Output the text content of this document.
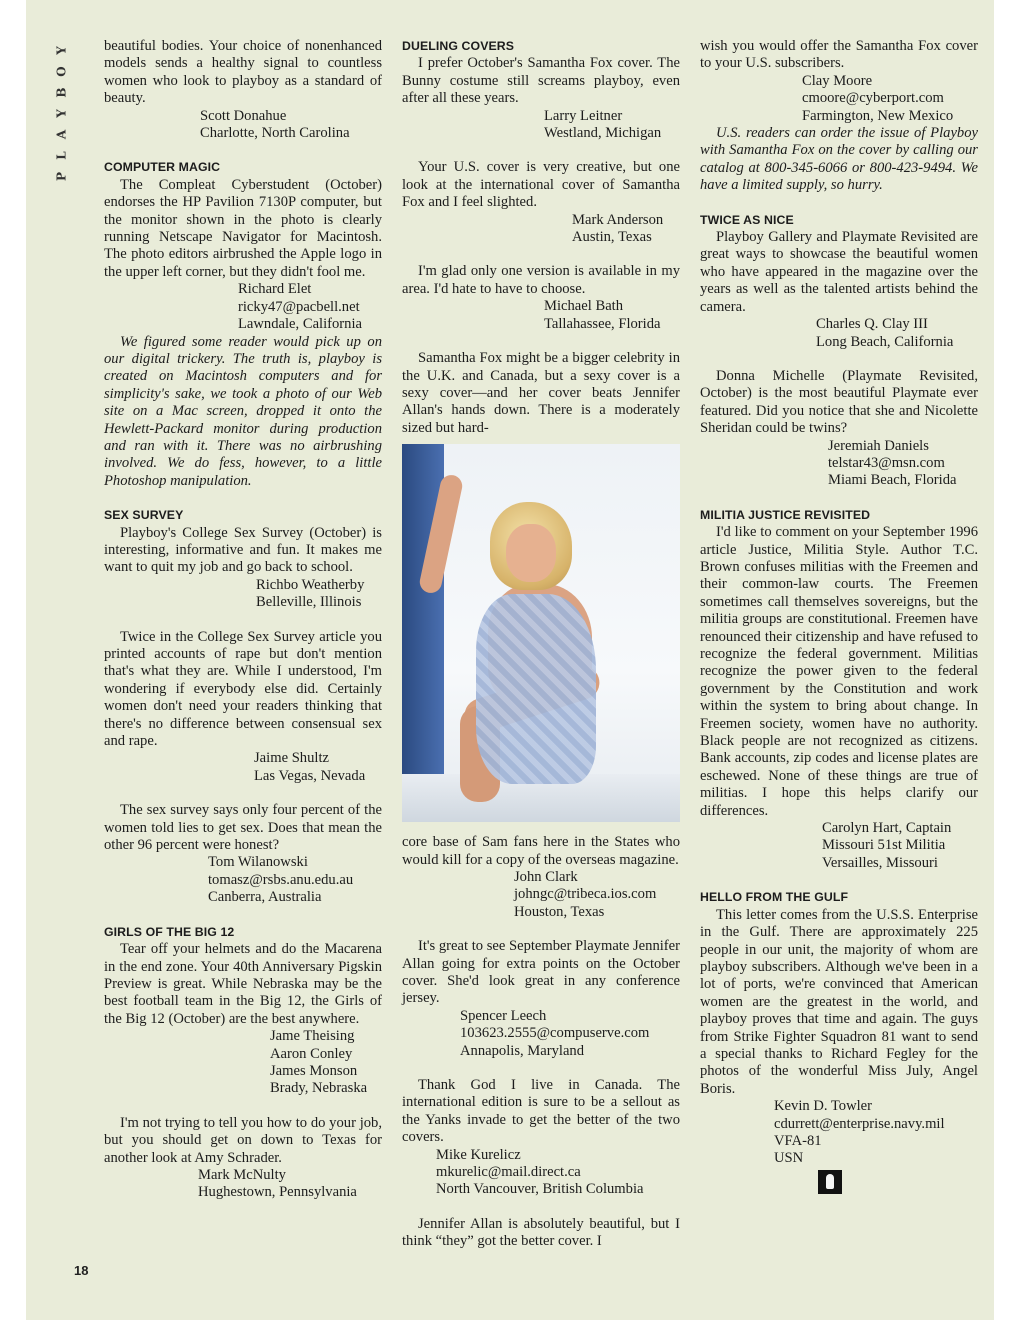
Y
O
B
Y
A
L
P
18

beautiful bodies. Your choice of nonenhanced models sends a healthy signal to countless women who look to playboy as a standard of beauty.

Scott Donahue
Charlotte, North Carolina
COMPUTER MAGIC

The Compleat Cyberstudent (October) endorses the HP Pavilion 7130P computer, but the monitor shown in the photo is clearly running Netscape Navigator for Macintosh. The photo editors airbrushed the Apple logo in the upper left corner, but they didn't fool me.

Richard Elet
ricky47@pacbell.net
Lawndale, California

We figured some reader would pick up on our digital trickery. The truth is, playboy is created on Macintosh computers and for simplicity's sake, we took a photo of our Web site on a Mac screen, dropped it onto the Hewlett-Packard monitor during production and ran with it. There was no airbrushing involved. We do fess, however, to a little Photoshop manipulation.

SEX SURVEY

Playboy's College Sex Survey (October) is interesting, informative and fun. It makes me want to quit my job and go back to school.

Richbo Weatherby
Belleville, Illinois

Twice in the College Sex Survey article you printed accounts of rape but don't mention that's what they are. While I understood, I'm wondering if everybody else did. Certainly women don't need your readers thinking that there's no difference between consensual sex and rape.

Jaime Shultz
Las Vegas, Nevada

The sex survey says only four percent of the women told lies to get sex. Does that mean the other 96 percent were honest?

Tom Wilanowski
tomasz@rsbs.anu.edu.au
Canberra, Australia
GIRLS OF THE BIG 12

Tear off your helmets and do the Macarena in the end zone. Your 40th Anniversary Pigskin Preview is great. While Nebraska may be the best football team in the Big 12, the Girls of the Big 12 (October) are the best anywhere.

Jame Theising
Aaron Conley
James Monson
Brady, Nebraska

I'm not trying to tell you how to do your job, but you should get on down to Texas for another look at Amy Schrader.

Mark McNulty
Hughestown, Pennsylvania
DUELING COVERS

I prefer October's Samantha Fox cover. The Bunny costume still screams playboy, even after all these years.

Larry Leitner
Westland, Michigan

Your U.S. cover is very creative, but one look at the international cover of Samantha Fox and I feel slighted.

Mark Anderson
Austin, Texas

I'm glad only one version is available in my area. I'd hate to have to choose.

Michael Bath
Tallahassee, Florida

Samantha Fox might be a bigger celebrity in the U.K. and Canada, but a sexy cover is a sexy cover—and her cover beats Jennifer Allan's hands down. There is a moderately sized but hard-

core base of Sam fans here in the States who would kill for a copy of the overseas magazine.

John Clark
johngc@tribeca.ios.com
Houston, Texas

It's great to see September Playmate Jennifer Allan going for extra points on the October cover. She'd look great in any conference jersey.

Spencer Leech
103623.2555@compuserve.com
Annapolis, Maryland

Thank God I live in Canada. The international edition is sure to be a sellout as the Yanks invade to get the better of the two covers.

Mike Kurelicz
mkurelic@mail.direct.ca
North Vancouver, British Columbia

Jennifer Allan is absolutely beautiful, but I think “they” got the better cover. I

wish you would offer the Samantha Fox cover to your U.S. subscribers.

Clay Moore
cmoore@cyberport.com
Farmington, New Mexico

U.S. readers can order the issue of Playboy with Samantha Fox on the cover by calling our catalog at 800-345-6066 or 800-423-9494. We have a limited supply, so hurry.

TWICE AS NICE

Playboy Gallery and Playmate Revisited are great ways to showcase the beautiful women who have appeared in the magazine over the years as well as the talented artists behind the camera.

Charles Q. Clay III
Long Beach, California

Donna Michelle (Playmate Revisited, October) is the most beautiful Playmate ever featured. Did you notice that she and Nicolette Sheridan could be twins?

Jeremiah Daniels
telstar43@msn.com
Miami Beach, Florida
MILITIA JUSTICE REVISITED

I'd like to comment on your September 1996 article Justice, Militia Style. Author T.C. Brown confuses militias with the Freemen and their common-law courts. The Freemen sometimes call themselves sovereigns, but the militia groups are constitutional. Freemen have renounced their citizenship and have refused to recognize the federal government. Militias recognize the power given to the federal government by the Constitution and work within the system to bring about change. In Freemen society, women have no authority. Black people are not recognized as citizens. Bank accounts, zip codes and license plates are eschewed. None of these things are true of militias. I hope this helps clarify our differences.

Carolyn Hart, Captain
Missouri 51st Militia
Versailles, Missouri
HELLO FROM THE GULF

This letter comes from the U.S.S. Enterprise in the Gulf. There are approximately 225 people in our unit, the majority of whom are playboy subscribers. Although we've been in a lot of ports, we're convinced that American women are the greatest in the world, and playboy proves that time and again. The guys from Strike Fighter Squadron 81 want to send a special thanks to Richard Fegley for the photos of the wonderful Miss July, Angel Boris.

Kevin D. Towler
cdurrett@enterprise.navy.mil
VFA-81
USN
